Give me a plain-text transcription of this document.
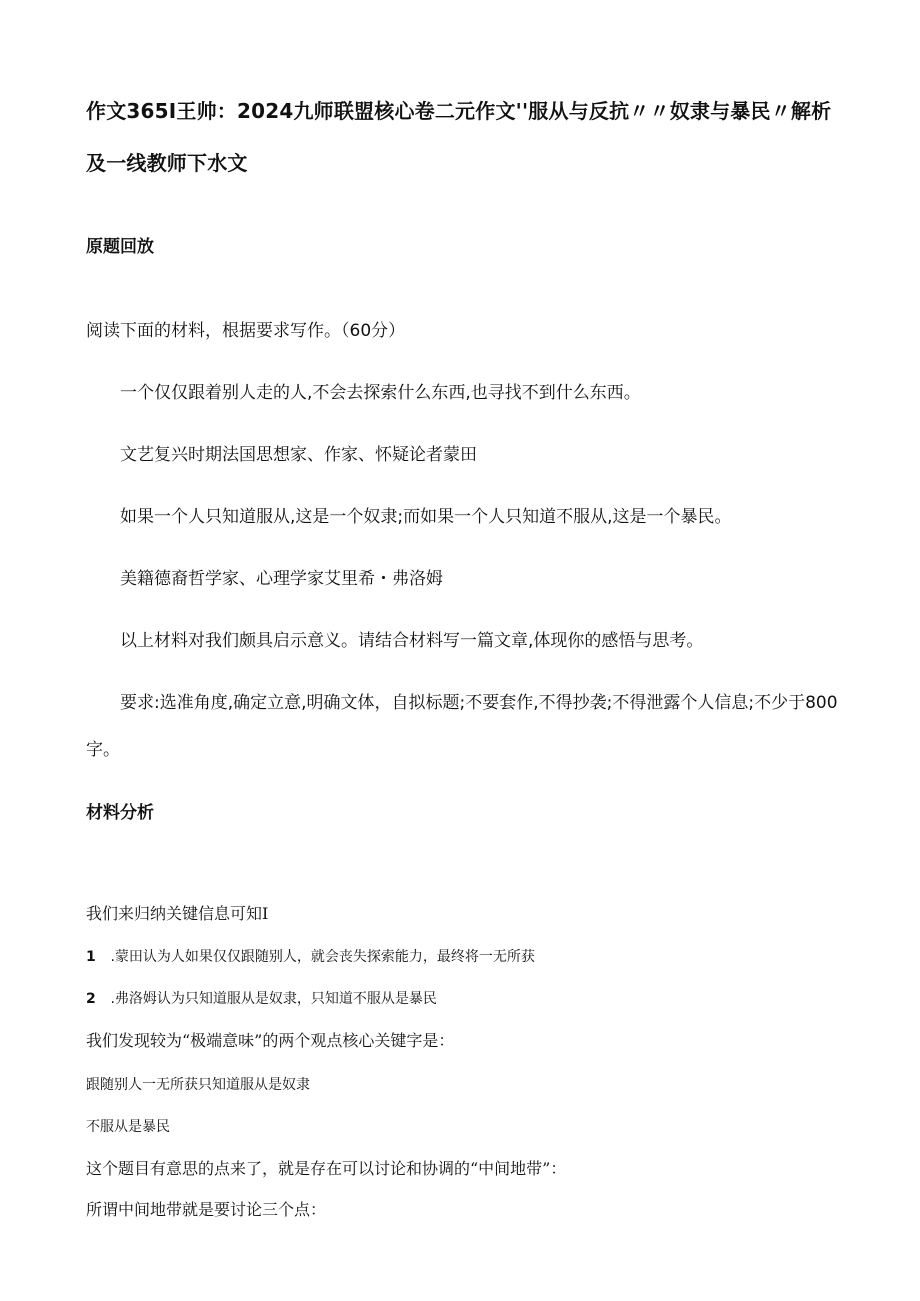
作文365I王帅：2024九师联盟核心卷二元作文''服从与反抗〃〃奴隶与暴民〃解析
及一线教师下水文
原题回放

阅读下面的材料，根据要求写作。（60分）

一个仅仅跟着别人走的人,不会去探索什么东西,也寻找不到什么东西。

文艺复兴时期法国思想家、作家、怀疑论者蒙田

如果一个人只知道服从,这是一个奴隶;而如果一个人只知道不服从,这是一个暴民。

美籍德裔哲学家、心理学家艾里希・弗洛姆

以上材料对我们颇具启示意义。请结合材料写一篇文章,体现你的感悟与思考。

要求:选准角度,确定立意,明确文体，自拟标题;不要套作,不得抄袭;不得泄露个人信息;不少于800

字。

材料分析

我们来归纳关键信息可知I

1 .蒙田认为人如果仅仅跟随别人，就会丧失探索能力，最终将一无所获
2 .弗洛姆认为只知道服从是奴隶，只知道不服从是暴民

我们发现较为“极端意味”的两个观点核心关键字是：

跟随别人一无所获只知道服从是奴隶

不服从是暴民

这个题目有意思的点来了，就是存在可以讨论和协调的“中间地带”：

所谓中间地带就是要讨论三个点：
